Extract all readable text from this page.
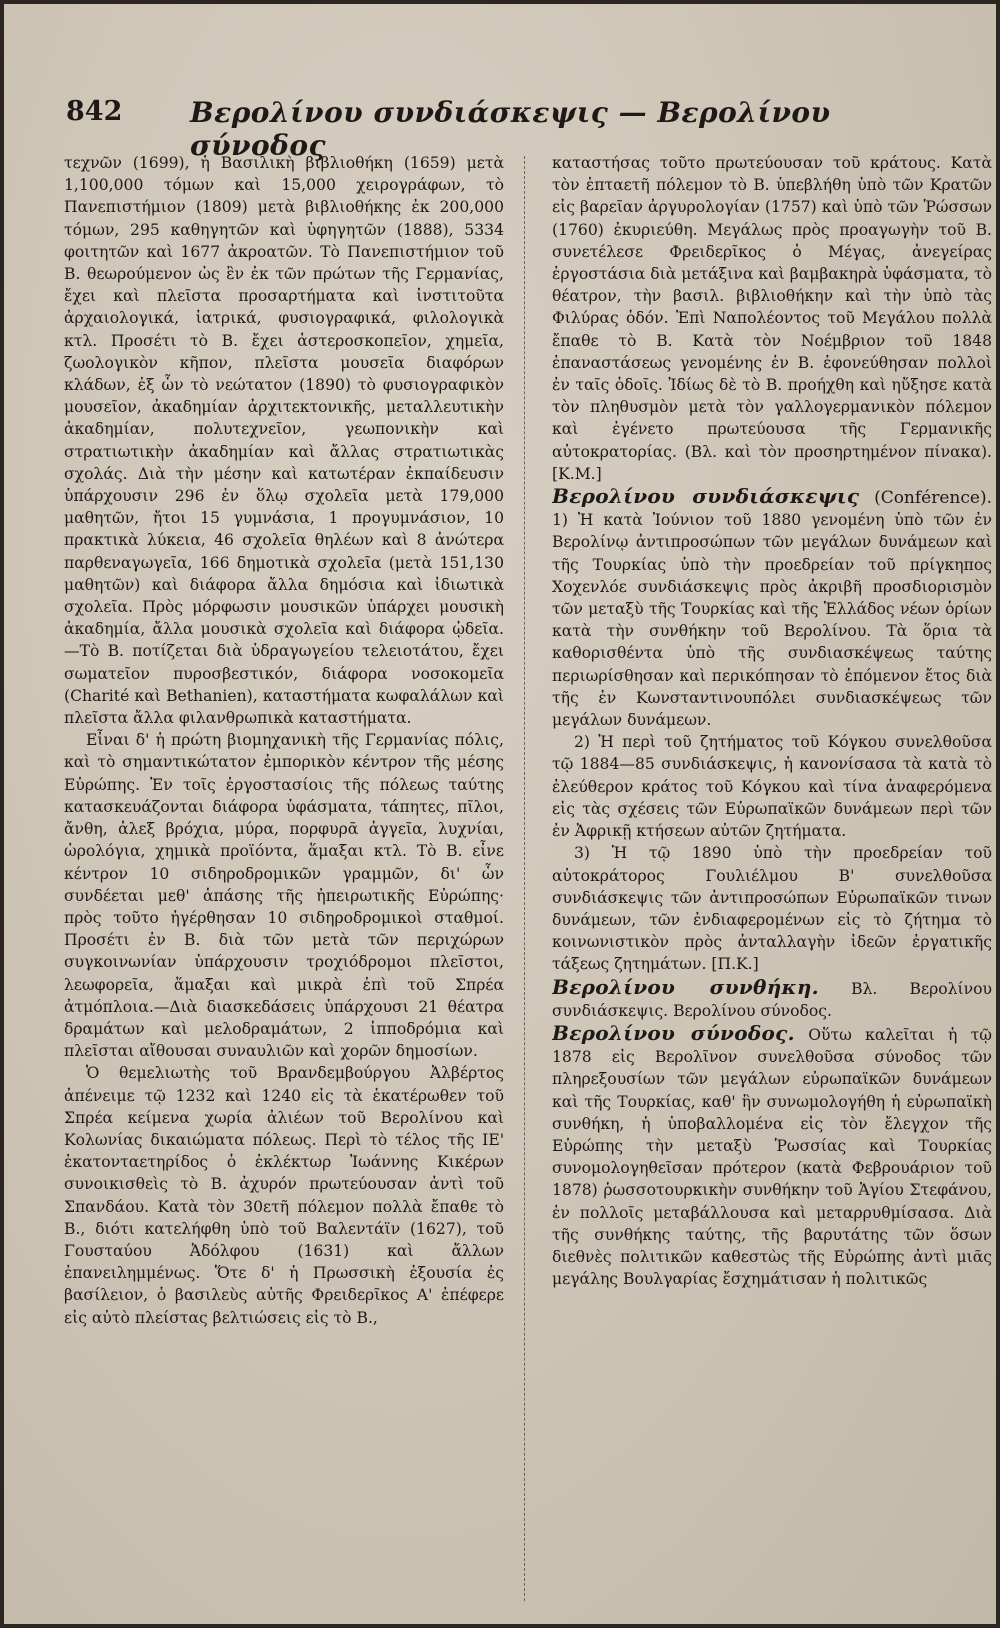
842 Βερολίνου συνδιάσκεψις — Βερολίνου σύνοδος

τεχνῶν (1699), ἡ Βασιλικὴ βιβλιοθήκη (1659) μετὰ 1,100,000 τόμων καὶ 15,000 χειρογράφων, τὸ Πανεπιστήμιον (1809) μετὰ βιβλιοθήκης ἐκ 200,000 τόμων, 295 καθηγητῶν καὶ ὑφηγητῶν (1888), 5334 φοιτητῶν καὶ 1677 ἀκροατῶν. Τὸ Πανεπιστήμιον τοῦ Β. θεωρούμενον ὡς ἓν ἐκ τῶν πρώτων τῆς Γερμανίας, ἔχει καὶ πλεῖστα προσαρτήματα καὶ ἰνστιτοῦτα ἀρχαιολογικά, ἰατρικά, φυσιογραφικά, φιλολογικὰ κτλ. Προσέτι τὸ Β. ἔχει ἀστεροσκοπεῖον, χημεῖα, ζωολογικὸν κῆπον, πλεῖστα μουσεῖα διαφόρων κλάδων, ἐξ ὧν τὸ νεώτατον (1890) τὸ φυσιογραφικὸν μουσεῖον, ἀκαδημίαν ἀρχιτεκτονικῆς, μεταλλευτικὴν ἀκαδημίαν, πολυτεχνεῖον, γεωπονικὴν καὶ στρατιωτικὴν ἀκαδημίαν καὶ ἄλλας στρατιωτικὰς σχολάς. Διὰ τὴν μέσην καὶ κατωτέραν ἐκπαίδευσιν ὑπάρχουσιν 296 ἐν ὅλῳ σχολεῖα μετὰ 179,000 μαθητῶν, ἤτοι 15 γυμνάσια, 1 προγυμνάσιον, 10 πρακτικὰ λύκεια, 46 σχολεῖα θηλέων καὶ 8 ἀνώτερα παρθεναγωγεῖα, 166 δημοτικὰ σχολεῖα (μετὰ 151,130 μαθητῶν) καὶ διάφορα ἄλλα δημόσια καὶ ἰδιωτικὰ σχολεῖα. Πρὸς μόρφωσιν μουσικῶν ὑπάρχει μουσικὴ ἀκαδημία, ἄλλα μουσικὰ σχολεῖα καὶ διάφορα ᾠδεῖα.—Τὸ Β. ποτίζεται διὰ ὑδραγωγείου τελειοτάτου, ἔχει σωματεῖον πυροσβεστικόν, διάφορα νοσοκομεῖα (Charité καὶ Bethanien), καταστήματα κωφαλάλων καὶ πλεῖστα ἄλλα φιλανθρωπικὰ καταστήματα.

Εἶναι δ' ἡ πρώτη βιομηχανικὴ τῆς Γερμανίας πόλις, καὶ τὸ σημαντικώτατον ἐμπορικὸν κέντρον τῆς μέσης Εὐρώπης. Ἐν τοῖς ἐργοστασίοις τῆς πόλεως ταύτης κατασκευάζονται διάφορα ὑφάσματα, τάπητες, πῖλοι, ἄνθη, ἀλεξ βρόχια, μύρα, πορφυρᾶ ἀγγεῖα, λυχνίαι, ὡρολόγια, χημικὰ προϊόντα, ἅμαξαι κτλ. Τὸ Β. εἶνε κέντρον 10 σιδηροδρομικῶν γραμμῶν, δι' ὧν συνδέεται μεθ' ἁπάσης τῆς ἠπειρωτικῆς Εὐρώπης· πρὸς τοῦτο ἠγέρθησαν 10 σιδηροδρομικοὶ σταθμοί. Προσέτι ἐν Β. διὰ τῶν μετὰ τῶν περιχώρων συγκοινωνίαν ὑπάρχουσιν τροχιόδρομοι πλεῖστοι, λεωφορεῖα, ἅμαξαι καὶ μικρὰ ἐπὶ τοῦ Σπρέα ἀτμόπλοια.—Διὰ διασκεδάσεις ὑπάρχουσι 21 θέατρα δραμάτων καὶ μελοδραμάτων, 2 ἱπποδρόμια καὶ πλεῖσται αἴθουσαι συναυλιῶν καὶ χορῶν δημοσίων.

Ὁ θεμελιωτὴς τοῦ Βρανδεμβούργου Ἀλβέρτος ἀπένειμε τῷ 1232 καὶ 1240 εἰς τὰ ἑκατέρωθεν τοῦ Σπρέα κείμενα χωρία ἀλιέων τοῦ Βερολίνου καὶ Κολωνίας δικαιώματα πόλεως. Περὶ τὸ τέλος τῆς ΙΕ' ἑκατονταετηρίδος ὁ ἐκλέκτωρ Ἰωάννης Κικέρων συνοικισθεὶς τὸ Β. ἀχυρόν πρωτεύουσαν ἀντὶ τοῦ Σπανδάου. Κατὰ τὸν 30ετῆ πόλεμον πολλὰ ἔπαθε τὸ Β., διότι κατελήφθη ὑπὸ τοῦ Βαλεντάϊν (1627), τοῦ Γουσταύου Ἀδόλφου (1631) καὶ ἄλλων ἐπανειλημμένως. Ὅτε δ' ἡ Πρωσσικὴ ἐξουσία ἐς βασίλειον, ὁ βασιλεὺς αὐτῆς Φρειδερῖκος Α' ἐπέφερε εἰς αὐτὸ πλείστας βελτιώσεις εἰς τὸ Β.,

καταστήσας τοῦτο πρωτεύουσαν τοῦ κράτους. Κατὰ τὸν ἑπταετῆ πόλεμον τὸ Β. ὑπεβλήθη ὑπὸ τῶν Κρατῶν εἰς βαρεῖαν ἀργυρολογίαν (1757) καὶ ὑπὸ τῶν Ῥώσσων (1760) ἐκυριεύθη. Μεγάλως πρὸς προαγωγὴν τοῦ Β. συνετέλεσε Φρειδερῖκος ὁ Μέγας, ἀνεγείρας ἐργοστάσια διὰ μετάξινα καὶ βαμβακηρὰ ὑφάσματα, τὸ θέατρον, τὴν βασιλ. βιβλιοθήκην καὶ τὴν ὑπὸ τὰς Φιλύρας ὁδόν. Ἐπὶ Ναπολέοντος τοῦ Μεγάλου πολλὰ ἔπαθε τὸ Β. Κατὰ τὸν Νοέμβριον τοῦ 1848 ἐπαναστάσεως γενομένης ἐν Β. ἐφονεύθησαν πολλοὶ ἐν ταῖς ὁδοῖς. Ἰδίως δὲ τὸ Β. προήχθη καὶ ηὔξησε κατὰ τὸν πληθυσμὸν μετὰ τὸν γαλλογερμανικὸν πόλεμον καὶ ἐγένετο πρωτεύουσα τῆς Γερμανικῆς αὐτοκρατορίας. (Βλ. καὶ τὸν προσηρτημένον πίνακα). [Κ.Μ.]

Βερολίνου συνδιάσκεψις (Conférence). 1) Ἡ κατὰ Ἰούνιον τοῦ 1880 γενομένη ὑπὸ τῶν ἐν Βερολίνῳ ἀντιπροσώπων τῶν μεγάλων δυνάμεων καὶ τῆς Τουρκίας ὑπὸ τὴν προεδρείαν τοῦ πρίγκηπος Χοχενλόε συνδιάσκεψις πρὸς ἀκριβῆ προσδιορισμὸν τῶν μεταξὺ τῆς Τουρκίας καὶ τῆς Ἑλλάδος νέων ὁρίων κατὰ τὴν συνθήκην τοῦ Βερολίνου. Τὰ ὅρια τὰ καθορισθέντα ὑπὸ τῆς συνδιασκέψεως ταύτης περιωρίσθησαν καὶ περικόπησαν τὸ ἐπόμενον ἔτος διὰ τῆς ἐν Κωνσταντινουπόλει συνδιασκέψεως τῶν μεγάλων δυνάμεων.

2) Ἡ περὶ τοῦ ζητήματος τοῦ Κόγκου συνελθοῦσα τῷ 1884—85 συνδιάσκεψις, ἡ κανονίσασα τὰ κατὰ τὸ ἐλεύθερον κράτος τοῦ Κόγκου καὶ τίνα ἀναφερόμενα εἰς τὰς σχέσεις τῶν Εὐρωπαϊκῶν δυνάμεων περὶ τῶν ἐν Ἀφρικῇ κτήσεων αὐτῶν ζητήματα.

3) Ἡ τῷ 1890 ὑπὸ τὴν προεδρείαν τοῦ αὐτοκράτορος Γουλιέλμου Β' συνελθοῦσα συνδιάσκεψις τῶν ἀντιπροσώπων Εὐρωπαϊκῶν τινων δυνάμεων, τῶν ἐνδιαφερομένων εἰς τὸ ζήτημα τὸ κοινωνιστικὸν πρὸς ἀνταλλαγὴν ἰδεῶν ἐργατικῆς τάξεως ζητημάτων. [Π.Κ.]

Βερολίνου συνθήκη. Βλ. Βερολίνου συνδιάσκεψις. Βερολίνου σύνοδος.

Βερολίνου σύνοδος. Οὕτω καλεῖται ἡ τῷ 1878 εἰς Βερολῖνον συνελθοῦσα σύνοδος τῶν πληρεξουσίων τῶν μεγάλων εὐρωπαϊκῶν δυνάμεων καὶ τῆς Τουρκίας, καθ' ἣν συνωμολογήθη ἡ εὐρωπαϊκὴ συνθήκη, ἡ ὑποβαλλομένα εἰς τὸν ἔλεγχον τῆς Εὐρώπης τὴν μεταξὺ Ῥωσσίας καὶ Τουρκίας συνομολογηθεῖσαν πρότερον (κατὰ Φεβρουάριον τοῦ 1878) ῥωσσοτουρκικὴν συνθήκην τοῦ Ἁγίου Στεφάνου, ἐν πολλοῖς μεταβάλλουσα καὶ μεταρρυθμίσασα. Διὰ τῆς συνθήκης ταύτης, τῆς βαρυτάτης τῶν ὅσων διεθνὲς πολιτικῶν καθεστὼς τῆς Εὐρώπης ἀντὶ μιᾶς μεγάλης Βουλγαρίας ἔσχημάτισαν ἡ πολιτικῶς
